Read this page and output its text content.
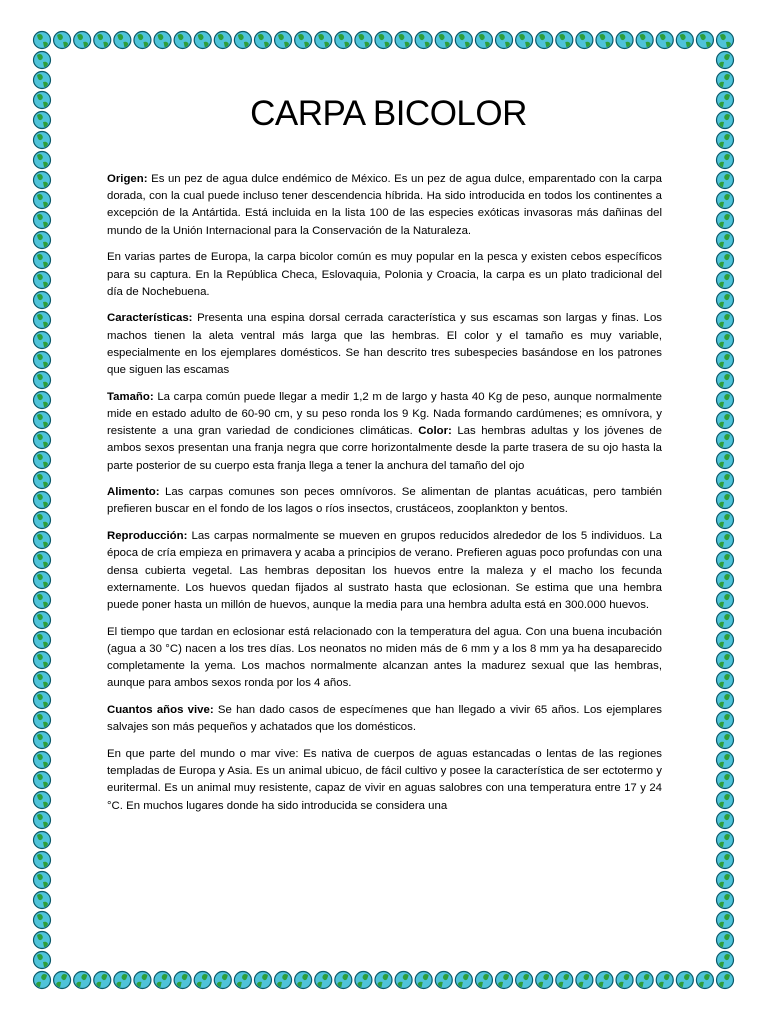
CARPA BICOLOR

Origen: Es un pez de agua dulce endémico de México. Es un pez de agua dulce, emparentado con la carpa dorada, con la cual puede incluso tener descendencia híbrida. Ha sido introducida en todos los continentes a excepción de la Antártida. Está incluida en la lista 100 de las especies exóticas invasoras más dañinas del mundo de la Unión Internacional para la Conservación de la Naturaleza.

En varias partes de Europa, la carpa bicolor común es muy popular en la pesca y existen cebos específicos para su captura. En la República Checa, Eslovaquia, Polonia y Croacia, la carpa es un plato tradicional del día de Nochebuena.

Características: Presenta una espina dorsal cerrada característica y sus escamas son largas y finas. Los machos tienen la aleta ventral más larga que las hembras. El color y el tamaño es muy variable, especialmente en los ejemplares domésticos. Se han descrito tres subespecies basándose en los patrones que siguen las escamas

Tamaño: La carpa común puede llegar a medir 1,2 m de largo y hasta 40 Kg de peso, aunque normalmente mide en estado adulto de 60-90 cm, y su peso ronda los 9 Kg. Nada formando cardúmenes; es omnívora, y resistente a una gran variedad de condiciones climáticas. Color: Las hembras adultas y los jóvenes de ambos sexos presentan una franja negra que corre horizontalmente desde la parte trasera de su ojo hasta la parte posterior de su cuerpo esta franja llega a tener la anchura del tamaño del ojo

Alimento: Las carpas comunes son peces omnívoros. Se alimentan de plantas acuáticas, pero también prefieren buscar en el fondo de los lagos o ríos insectos, crustáceos, zooplankton y bentos.

Reproducción: Las carpas normalmente se mueven en grupos reducidos alrededor de los 5 individuos. La época de cría empieza en primavera y acaba a principios de verano. Prefieren aguas poco profundas con una densa cubierta vegetal. Las hembras depositan los huevos entre la maleza y el macho los fecunda externamente. Los huevos quedan fijados al sustrato hasta que eclosionan. Se estima que una hembra puede poner hasta un millón de huevos, aunque la media para una hembra adulta está en 300.000 huevos.

El tiempo que tardan en eclosionar está relacionado con la temperatura del agua. Con una buena incubación (agua a 30 °C) nacen a los tres días. Los neonatos no miden más de 6 mm y a los 8 mm ya ha desaparecido completamente la yema. Los machos normalmente alcanzan antes la madurez sexual que las hembras, aunque para ambos sexos ronda por los 4 años.

Cuantos años vive: Se han dado casos de especímenes que han llegado a vivir 65 años. Los ejemplares salvajes son más pequeños y achatados que los domésticos.

En que parte del mundo o mar vive: Es nativa de cuerpos de aguas estancadas o lentas de las regiones templadas de Europa y Asia. Es un animal ubicuo, de fácil cultivo y posee la característica de ser ectotermo y euritermal. Es un animal muy resistente, capaz de vivir en aguas salobres con una temperatura entre 17 y 24 °C. En muchos lugares donde ha sido introducida se considera una
